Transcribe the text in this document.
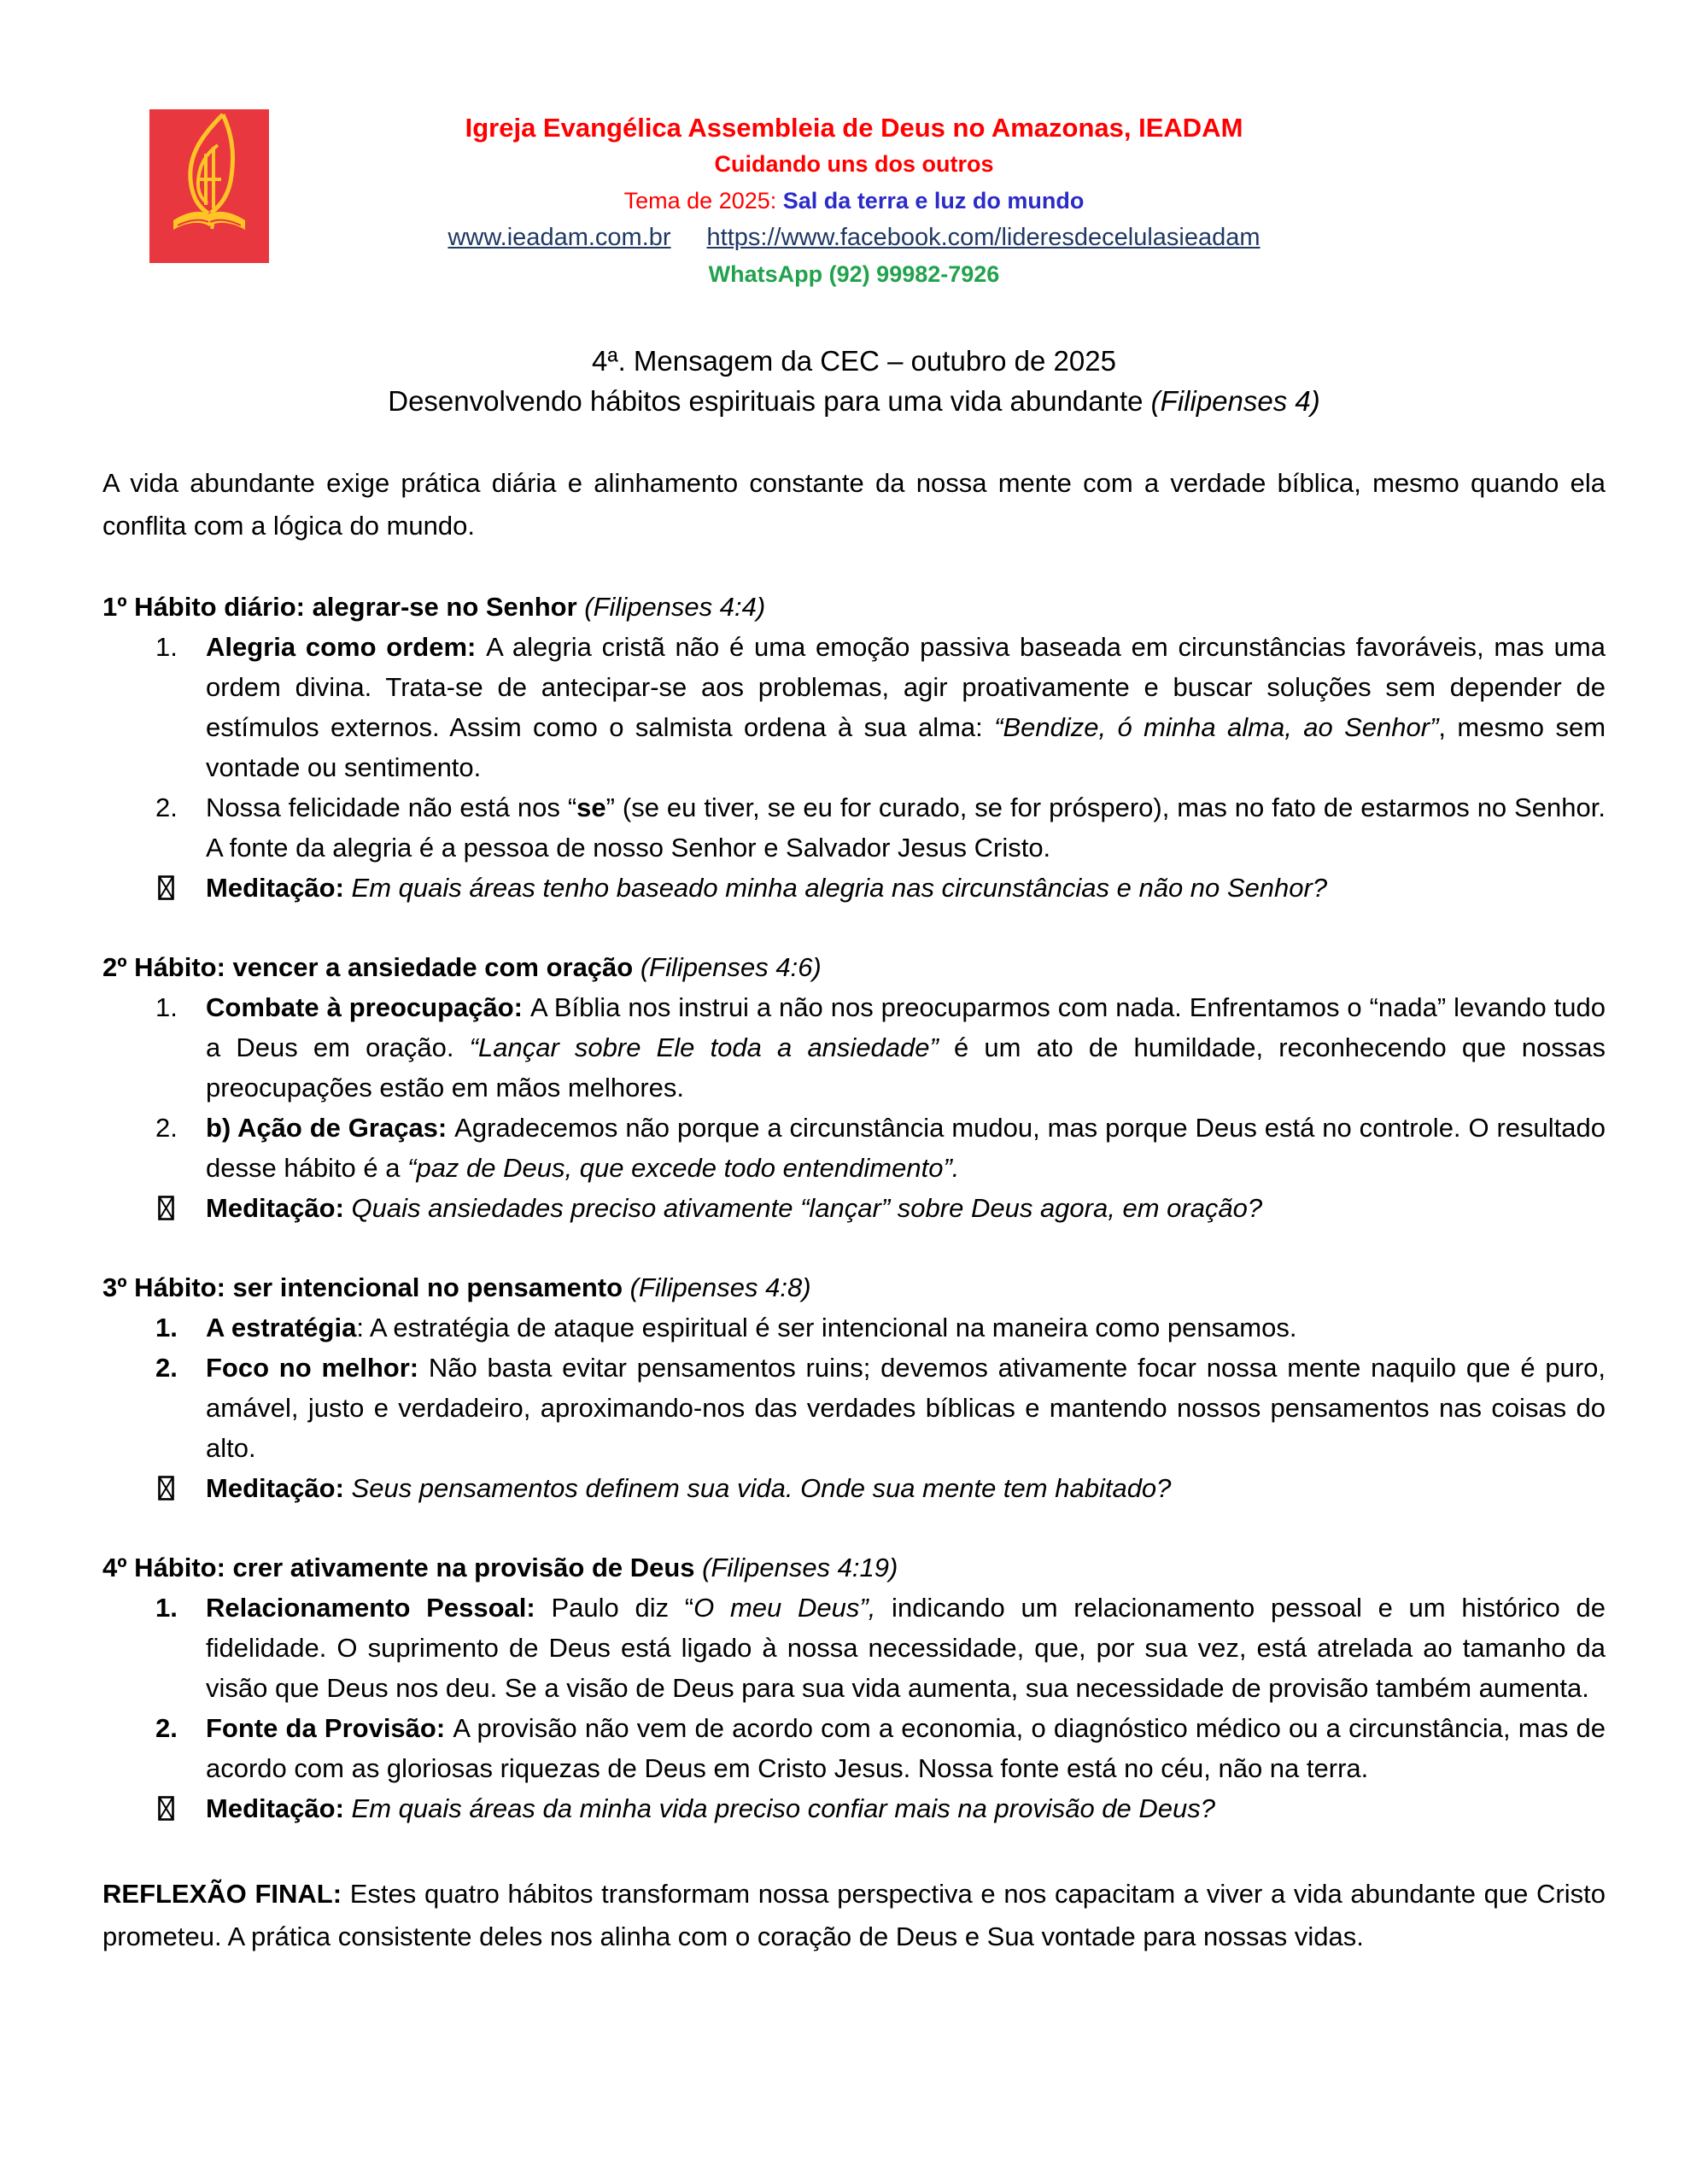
Igreja Evangélica Assembleia de Deus no Amazonas, IEADAM
Cuidando uns dos outros
Tema de 2025: Sal da terra e luz do mundo
www.ieadam.com.br https://www.facebook.com/lideresdecelulasieadam
WhatsApp (92) 99982-7926
4ª. Mensagem da CEC – outubro de 2025
Desenvolvendo hábitos espirituais para uma vida abundante (Filipenses 4)

A vida abundante exige prática diária e alinhamento constante da nossa mente com a verdade bíblica, mesmo quando ela conflita com a lógica do mundo.

1º Hábito diário: alegrar-se no Senhor (Filipenses 4:4)
1. Alegria como ordem: A alegria cristã não é uma emoção passiva baseada em circunstâncias favoráveis, mas uma ordem divina. Trata-se de antecipar-se aos problemas, agir proativamente e buscar soluções sem depender de estímulos externos. Assim como o salmista ordena à sua alma: “Bendize, ó minha alma, ao Senhor”, mesmo sem vontade ou sentimento.

2. Nossa felicidade não está nos “se” (se eu tiver, se eu for curado, se for próspero), mas no fato de estarmos no Senhor. A fonte da alegria é a pessoa de nosso Senhor e Salvador Jesus Cristo.

Meditação: Em quais áreas tenho baseado minha alegria nas circunstâncias e não no Senhor?

2º Hábito: vencer a ansiedade com oração (Filipenses 4:6)
1. Combate à preocupação: A Bíblia nos instrui a não nos preocuparmos com nada. Enfrentamos o “nada” levando tudo a Deus em oração. “Lançar sobre Ele toda a ansiedade” é um ato de humildade, reconhecendo que nossas preocupações estão em mãos melhores.

2. b) Ação de Graças: Agradecemos não porque a circunstância mudou, mas porque Deus está no controle. O resultado desse hábito é a “paz de Deus, que excede todo entendimento”.

Meditação: Quais ansiedades preciso ativamente “lançar” sobre Deus agora, em oração?

3º Hábito: ser intencional no pensamento (Filipenses 4:8)
1. A estratégia: A estratégia de ataque espiritual é ser intencional na maneira como pensamos.

2. Foco no melhor: Não basta evitar pensamentos ruins; devemos ativamente focar nossa mente naquilo que é puro, amável, justo e verdadeiro, aproximando-nos das verdades bíblicas e mantendo nossos pensamentos nas coisas do alto.

Meditação: Seus pensamentos definem sua vida. Onde sua mente tem habitado?

4º Hábito: crer ativamente na provisão de Deus (Filipenses 4:19)
1. Relacionamento Pessoal: Paulo diz “O meu Deus”, indicando um relacionamento pessoal e um histórico de fidelidade. O suprimento de Deus está ligado à nossa necessidade, que, por sua vez, está atrelada ao tamanho da visão que Deus nos deu. Se a visão de Deus para sua vida aumenta, sua necessidade de provisão também aumenta.

2. Fonte da Provisão: A provisão não vem de acordo com a economia, o diagnóstico médico ou a circunstância, mas de acordo com as gloriosas riquezas de Deus em Cristo Jesus. Nossa fonte está no céu, não na terra.

Meditação: Em quais áreas da minha vida preciso confiar mais na provisão de Deus?

REFLEXÃO FINAL: Estes quatro hábitos transformam nossa perspectiva e nos capacitam a viver a vida abundante que Cristo prometeu. A prática consistente deles nos alinha com o coração de Deus e Sua vontade para nossas vidas.
